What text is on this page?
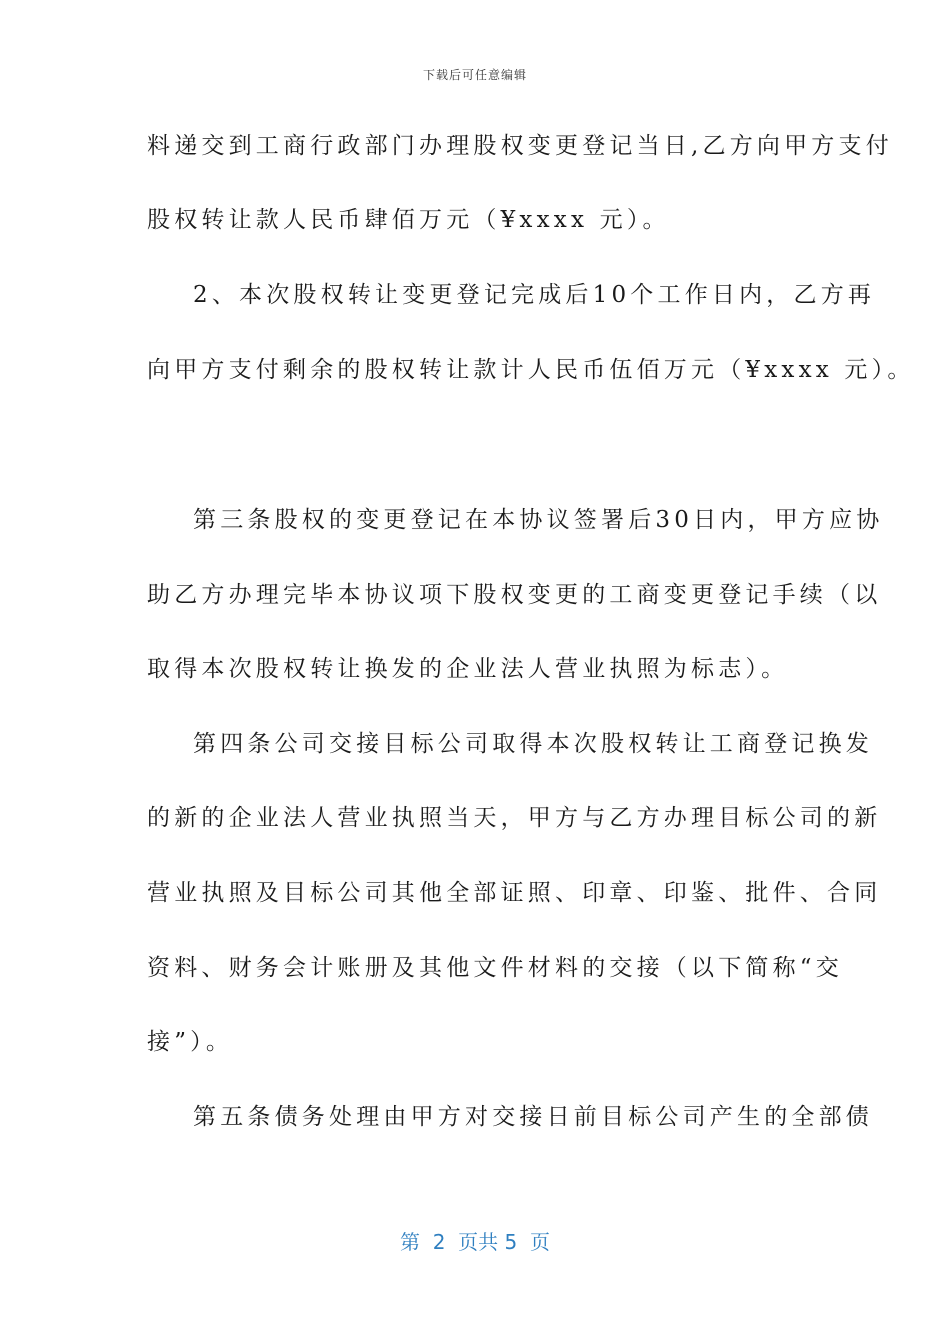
下载后可任意编辑
料递交到工商行政部门办理股权变更登记当日,乙方向甲方支付
股权转让款人民币肆佰万元（¥xxxx 元）。
2、本次股权转让变更登记完成后10个工作日内，乙方再
向甲方支付剩余的股权转让款计人民币伍佰万元（¥xxxx 元）。
第三条股权的变更登记在本协议签署后30日内，甲方应协
助乙方办理完毕本协议项下股权变更的工商变更登记手续（以
取得本次股权转让换发的企业法人营业执照为标志）。
第四条公司交接目标公司取得本次股权转让工商登记换发
的新的企业法人营业执照当天，甲方与乙方办理目标公司的新
营业执照及目标公司其他全部证照、印章、印鉴、批件、合同
资料、财务会计账册及其他文件材料的交接（以下简称“交
接”）。
第五条债务处理由甲方对交接日前目标公司产生的全部债
第  2  页共 5  页
